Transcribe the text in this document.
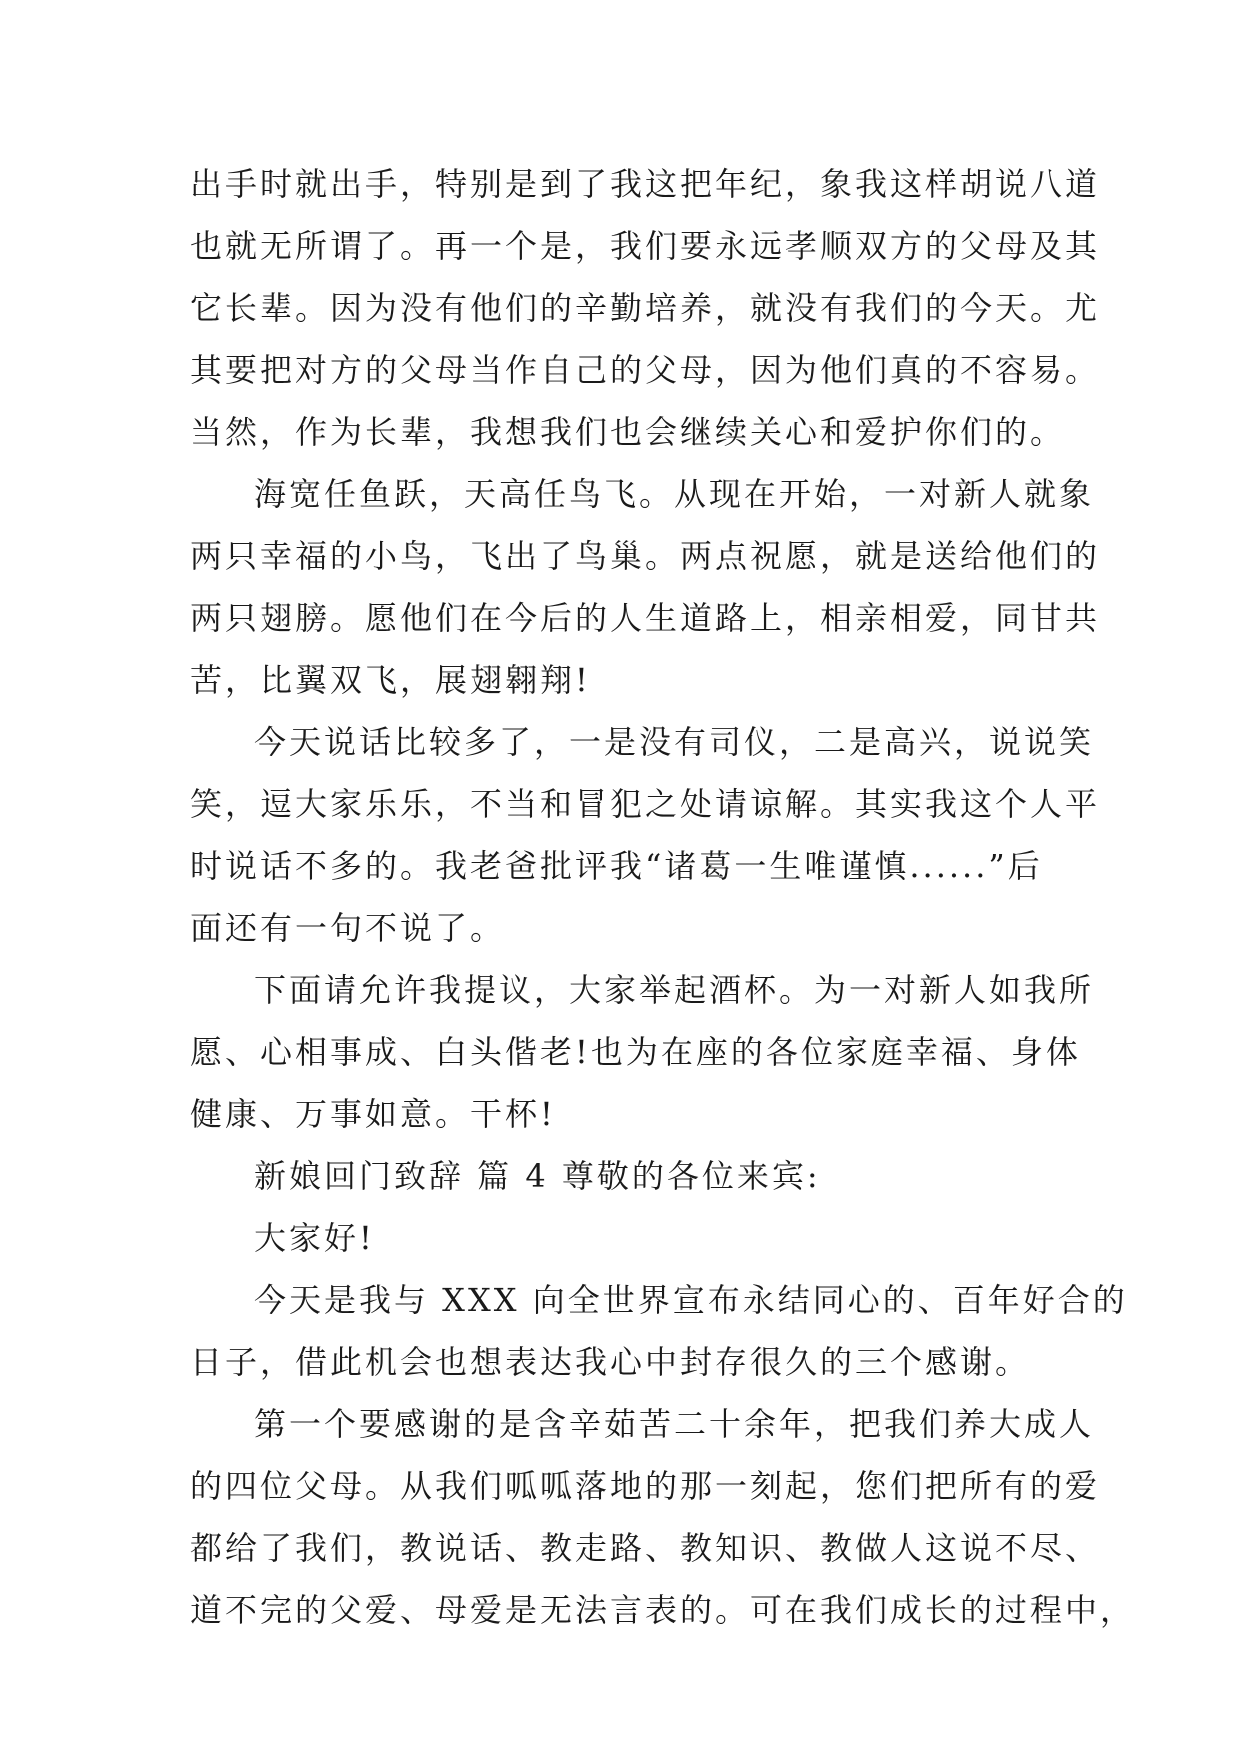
出手时就出手，特别是到了我这把年纪，象我这样胡说八道
也就无所谓了。再一个是，我们要永远孝顺双方的父母及其
它长辈。因为没有他们的辛勤培养，就没有我们的今天。尤
其要把对方的父母当作自己的父母，因为他们真的不容易。
当然，作为长辈，我想我们也会继续关心和爱护你们的。
海宽任鱼跃，天高任鸟飞。从现在开始，一对新人就象
两只幸福的小鸟，飞出了鸟巢。两点祝愿，就是送给他们的
两只翅膀。愿他们在今后的人生道路上，相亲相爱，同甘共
苦，比翼双飞，展翅翱翔!
今天说话比较多了，一是没有司仪，二是高兴，说说笑
笑，逗大家乐乐，不当和冒犯之处请谅解。其实我这个人平
时说话不多的。我老爸批评我“诸葛一生唯谨慎......”后
面还有一句不说了。
下面请允许我提议，大家举起酒杯。为一对新人如我所
愿、心相事成、白头偕老!也为在座的各位家庭幸福、身体
健康、万事如意。干杯!
新娘回门致辞 篇 4 尊敬的各位来宾:
大家好!
今天是我与 XXX 向全世界宣布永结同心的、百年好合的
日子，借此机会也想表达我心中封存很久的三个感谢。
第一个要感谢的是含辛茹苦二十余年，把我们养大成人
的四位父母。从我们呱呱落地的那一刻起，您们把所有的爱
都给了我们，教说话、教走路、教知识、教做人这说不尽、
道不完的父爱、母爱是无法言表的。可在我们成长的过程中，
